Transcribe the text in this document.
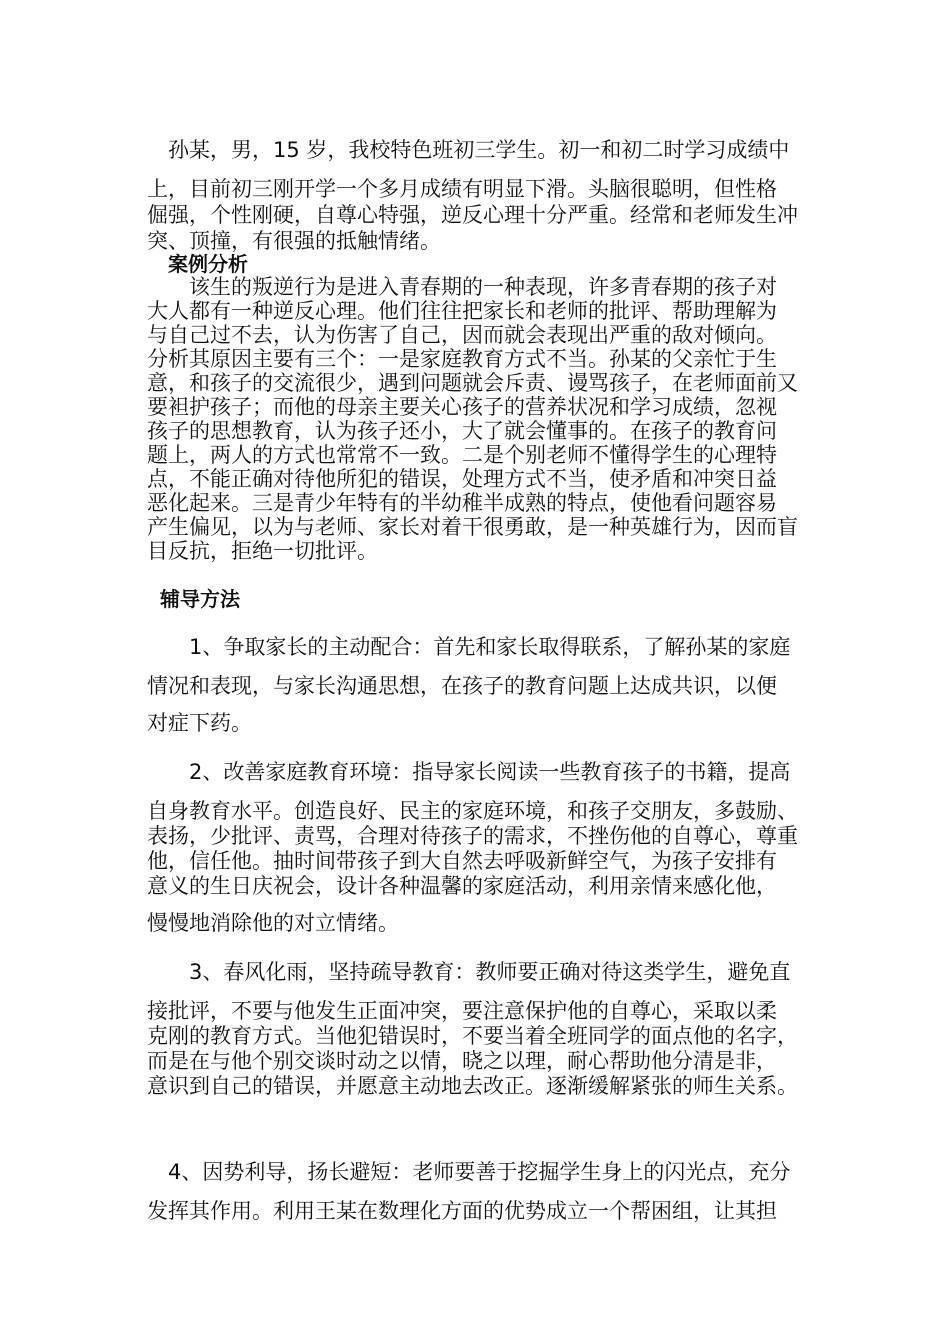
孙某，男，15 岁，我校特色班初三学生。初一和初二时学习成绩中
上，目前初三刚开学一个多月成绩有明显下滑。头脑很聪明，但性格
倔强，个性刚硬，自尊心特强，逆反心理十分严重。经常和老师发生冲
突、顶撞，有很强的抵触情绪。
案例分析
该生的叛逆行为是进入青春期的一种表现，许多青春期的孩子对
大人都有一种逆反心理。他们往往把家长和老师的批评、帮助理解为
与自己过不去，认为伤害了自己，因而就会表现出严重的敌对倾向。
分析其原因主要有三个：一是家庭教育方式不当。孙某的父亲忙于生
意，和孩子的交流很少，遇到问题就会斥责、谩骂孩子，在老师面前又
要袒护孩子；而他的母亲主要关心孩子的营养状况和学习成绩，忽视
孩子的思想教育，认为孩子还小，大了就会懂事的。在孩子的教育问
题上，两人的方式也常常不一致。二是个别老师不懂得学生的心理特
点，不能正确对待他所犯的错误，处理方式不当，使矛盾和冲突日益
恶化起来。三是青少年特有的半幼稚半成熟的特点，使他看问题容易
产生偏见，以为与老师、家长对着干很勇敢，是一种英雄行为，因而盲
目反抗，拒绝一切批评。
辅导方法
1、争取家长的主动配合：首先和家长取得联系，了解孙某的家庭
情况和表现，与家长沟通思想，在孩子的教育问题上达成共识，以便
对症下药。
2、改善家庭教育环境：指导家长阅读一些教育孩子的书籍，提高
自身教育水平。创造良好、民主的家庭环境，和孩子交朋友，多鼓励、
表扬，少批评、责骂，合理对待孩子的需求，不挫伤他的自尊心，尊重
他，信任他。抽时间带孩子到大自然去呼吸新鲜空气，为孩子安排有
意义的生日庆祝会，设计各种温馨的家庭活动，利用亲情来感化他，
慢慢地消除他的对立情绪。
3、春风化雨，坚持疏导教育：教师要正确对待这类学生，避免直
接批评，不要与他发生正面冲突，要注意保护他的自尊心，采取以柔
克刚的教育方式。当他犯错误时，不要当着全班同学的面点他的名字，
而是在与他个别交谈时动之以情，晓之以理，耐心帮助他分清是非，
意识到自己的错误，并愿意主动地去改正。逐渐缓解紧张的师生关系。
4、因势利导，扬长避短：老师要善于挖掘学生身上的闪光点，充分
发挥其作用。利用王某在数理化方面的优势成立一个帮困组，让其担
